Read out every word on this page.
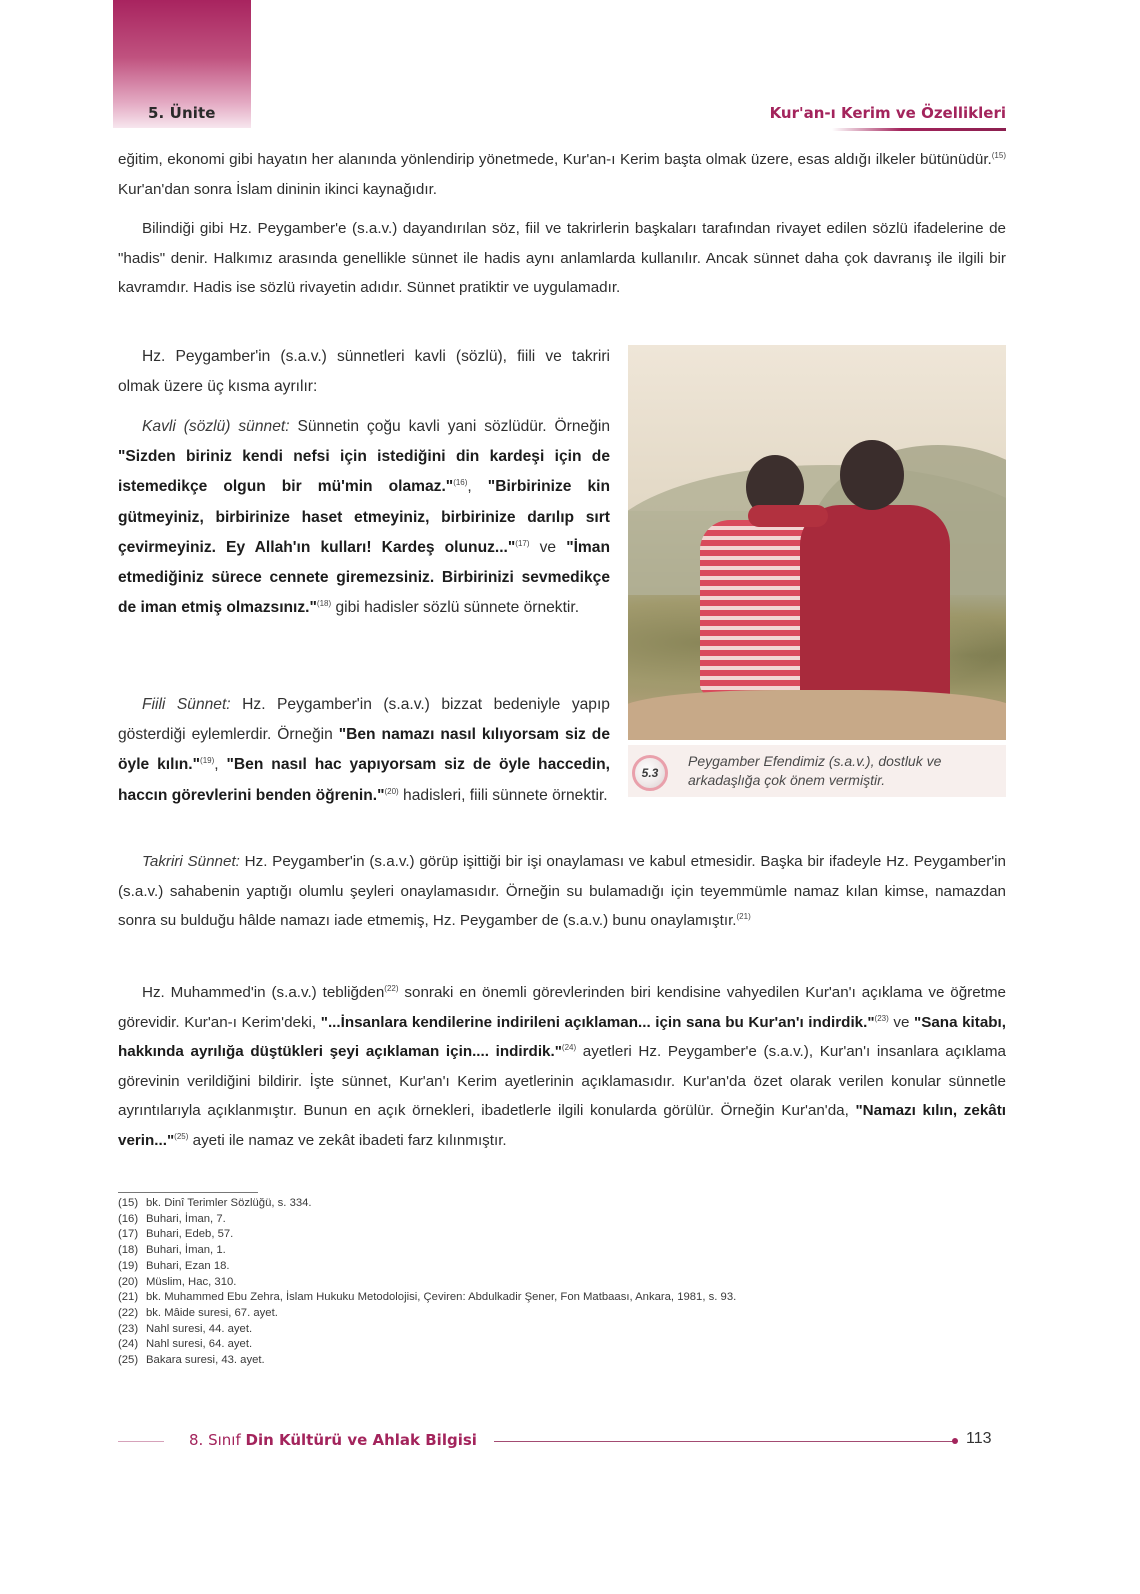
5. Ünite	Kur'an-ı Kerim ve Özellikleri

eğitim, ekonomi gibi hayatın her alanında yönlendirip yönetmede, Kur'an-ı Kerim başta olmak üzere, esas aldığı ilkeler bütünüdür.$^{(15)}$ Kur'an'dan sonra İslam dininin ikinci kaynağıdır.

Bilindiği gibi Hz. Peygamber'e (s.a.v.) dayandırılan söz, fiil ve takrirlerin başkaları tarafından rivayet edilen sözlü ifadelerine de "hadis" denir. Halkımız arasında genellikle sünnet ile hadis aynı anlamlarda kullanılır. Ancak sünnet daha çok davranış ile ilgili bir kavramdır. Hadis ise sözlü rivayetin adıdır. Sünnet pratiktir ve uygulamadır.

Hz. Peygamber'in (s.a.v.) sünnetleri kavli (sözlü), fiili ve takriri olmak üzere üç kısma ayrılır:

Kavli (sözlü) sünnet: Sünnetin çoğu kavli yani sözlüdür. Örneğin "Sizden biriniz kendi nefsi için istediğini din kardeşi için de istemedikçe olgun bir mü'min olamaz."$^{(16)}$, "Birbirinize kin gütmeyiniz, birbirinize haset etmeyiniz, birbirinize darılıp sırt çevirmeyiniz. Ey Allah'ın kulları! Kardeş olunuz..."$^{(17)}$ ve "İman etmediğiniz sürece cennete giremezsiniz. Birbirinizi sevmedikçe de iman etmiş olmazsınız."$^{(18)}$ gibi hadisler sözlü sünnete örnektir.

Fiili Sünnet: Hz. Peygamber'in (s.a.v.) bizzat bedeniyle yapıp gösterdiği eylemlerdir. Örneğin "Ben namazı nasıl kılıyorsam siz de öyle kılın."$^{(19)}$, "Ben nasıl hac yapıyorsam siz de öyle haccedin, haccın görevlerini benden öğrenin."$^{(20)}$ hadisleri, fiili sünnete örnektir.

5.3
Peygamber Efendimiz (s.a.v.), dostluk ve arkadaşlığa çok önem vermiştir.

Takriri Sünnet: Hz. Peygamber'in (s.a.v.) görüp işittiği bir işi onaylaması ve kabul etmesidir. Başka bir ifadeyle Hz. Peygamber'in (s.a.v.) sahabenin yaptığı olumlu şeyleri onaylamasıdır. Örneğin su bulamadığı için teyemmümle namaz kılan kimse, namazdan sonra su bulduğu hâlde namazı iade etmemiş, Hz. Peygamber de (s.a.v.) bunu onaylamıştır.$^{(21)}$

Hz. Muhammed'in (s.a.v.) tebliğden$^{(22)}$ sonraki en önemli görevlerinden biri kendisine vahyedilen Kur'an'ı açıklama ve öğretme görevidir. Kur'an-ı Kerim'deki, "...İnsanlara kendilerine indirileni açıklaman... için sana bu Kur'an'ı indirdik."$^{(23)}$ ve "Sana kitabı, hakkında ayrılığa düştükleri şeyi açıklaman için.... indirdik."$^{(24)}$ ayetleri Hz. Peygamber'e (s.a.v.), Kur'an'ı insanlara açıklama görevinin verildiğini bildirir. İşte sünnet, Kur'an'ı Kerim ayetlerinin açıklamasıdır. Kur'an'da özet olarak verilen konular sünnetle ayrıntılarıyla açıklanmıştır. Bunun en açık örnekleri, ibadetlerle ilgili konularda görülür. Örneğin Kur'an'da, "Namazı kılın, zekâtı verin..."$^{(25)}$ ayeti ile namaz ve zekât ibadeti farz kılınmıştır.

(15) bk. Dinî Terimler Sözlüğü, s. 334.
(16) Buhari, İman, 7.
(17) Buhari, Edeb, 57.
(18) Buhari, İman, 1.
(19) Buhari, Ezan 18.
(20) Müslim, Hac, 310.
(21) bk. Muhammed Ebu Zehra, İslam Hukuku Metodolojisi, Çeviren: Abdulkadir Şener, Fon Matbaası, Ankara, 1981, s. 93.
(22) bk. Mâide suresi, 67. ayet.
(23) Nahl suresi, 44. ayet.
(24) Nahl suresi, 64. ayet.
(25) Bakara suresi, 43. ayet.
8. Sınıf Din Kültürü ve Ahlak Bilgisi	113
